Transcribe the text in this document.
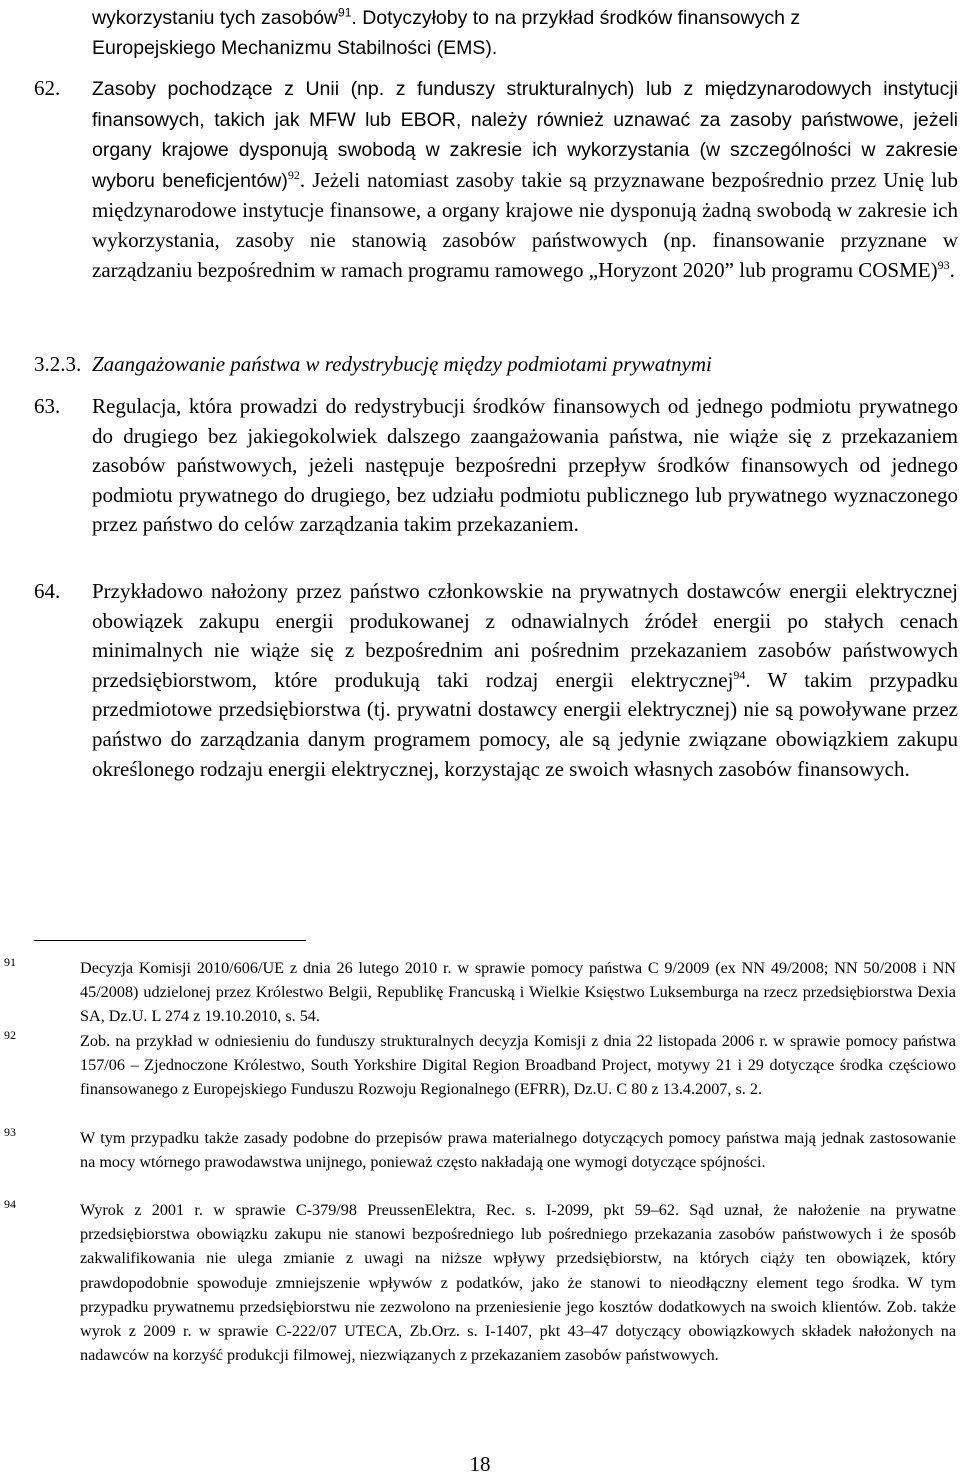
wykorzystaniu tych zasobów$^{91}$. Dotyczyłoby to na przykład środków finansowych z
Europejskiego Mechanizmu Stabilności (EMS).

62. Zasoby pochodzące z Unii (np. z funduszy strukturalnych) lub z międzynarodowych instytucji finansowych, takich jak MFW lub EBOR, należy również uznawać za zasoby państwowe, jeżeli organy krajowe dysponują swobodą w zakresie ich wykorzystania (w szczególności w zakresie wyboru beneficjentów)$^{92}$. Jeżeli natomiast zasoby takie są przyznawane bezpośrednio przez Unię lub międzynarodowe instytucje finansowe, a organy krajowe nie dysponują żadną swobodą w zakresie ich wykorzystania, zasoby nie stanowią zasobów państwowych (np. finansowanie przyznane w zarządzaniu bezpośrednim w ramach programu ramowego „Horyzont 2020” lub programu COSME)$^{93}$.

3.2.3. Zaangażowanie państwa w redystrybucję między podmiotami prywatnymi
63. Regulacja, która prowadzi do redystrybucji środków finansowych od jednego podmiotu prywatnego do drugiego bez jakiegokolwiek dalszego zaangażowania państwa, nie wiąże się z przekazaniem zasobów państwowych, jeżeli następuje bezpośredni przepływ środków finansowych od jednego podmiotu prywatnego do drugiego, bez udziału podmiotu publicznego lub prywatnego wyznaczonego przez państwo do celów zarządzania takim przekazaniem.

64. Przykładowo nałożony przez państwo członkowskie na prywatnych dostawców energii elektrycznej obowiązek zakupu energii produkowanej z odnawialnych źródeł energii po stałych cenach minimalnych nie wiąże się z bezpośrednim ani pośrednim przekazaniem zasobów państwowych przedsiębiorstwom, które produkują taki rodzaj energii elektrycznej$^{94}$. W takim przypadku przedmiotowe przedsiębiorstwa (tj. prywatni dostawcy energii elektrycznej) nie są powoływane przez państwo do zarządzania danym programem pomocy, ale są jedynie związane obowiązkiem zakupu określonego rodzaju energii elektrycznej, korzystając ze swoich własnych zasobów finansowych.

91	Decyzja Komisji 2010/606/UE z dnia 26 lutego 2010 r. w sprawie pomocy państwa C 9/2009 (ex NN 49/2008; NN 50/2008 i NN 45/2008) udzielonej przez Królestwo Belgii, Republikę Francuską i Wielkie Księstwo Luksemburga na rzecz przedsiębiorstwa Dexia SA, Dz.U. L 274 z 19.10.2010, s. 54.

92	Zob. na przykład w odniesieniu do funduszy strukturalnych decyzja Komisji z dnia 22 listopada 2006 r. w sprawie pomocy państwa 157/06 – Zjednoczone Królestwo, South Yorkshire Digital Region Broadband Project, motywy 21 i 29 dotyczące środka częściowo finansowanego z Europejskiego Funduszu Rozwoju Regionalnego (EFRR), Dz.U. C 80 z 13.4.2007, s. 2.

93	W tym przypadku także zasady podobne do przepisów prawa materialnego dotyczących pomocy państwa mają jednak zastosowanie na mocy wtórnego prawodawstwa unijnego, ponieważ często nakładają one wymogi dotyczące spójności.

94	Wyrok z 2001 r. w sprawie C-379/98 PreussenElektra, Rec. s. I-2099, pkt 59–62. Sąd uznał, że nałożenie na prywatne przedsiębiorstwa obowiązku zakupu nie stanowi bezpośredniego lub pośredniego przekazania zasobów państwowych i że sposób zakwalifikowania nie ulega zmianie z uwagi na niższe wpływy przedsiębiorstw, na których ciąży ten obowiązek, który prawdopodobnie spowoduje zmniejszenie wpływów z podatków, jako że stanowi to nieodłączny element tego środka. W tym przypadku prywatnemu przedsiębiorstwu nie zezwolono na przeniesienie jego kosztów dodatkowych na swoich klientów. Zob. także wyrok z 2009 r. w sprawie C-222/07 UTECA, Zb.Orz. s. I-1407, pkt 43–47 dotyczący obowiązkowych składek nałożonych na nadawców na korzyść produkcji filmowej, niezwiązanych z przekazaniem zasobów państwowych.

18
